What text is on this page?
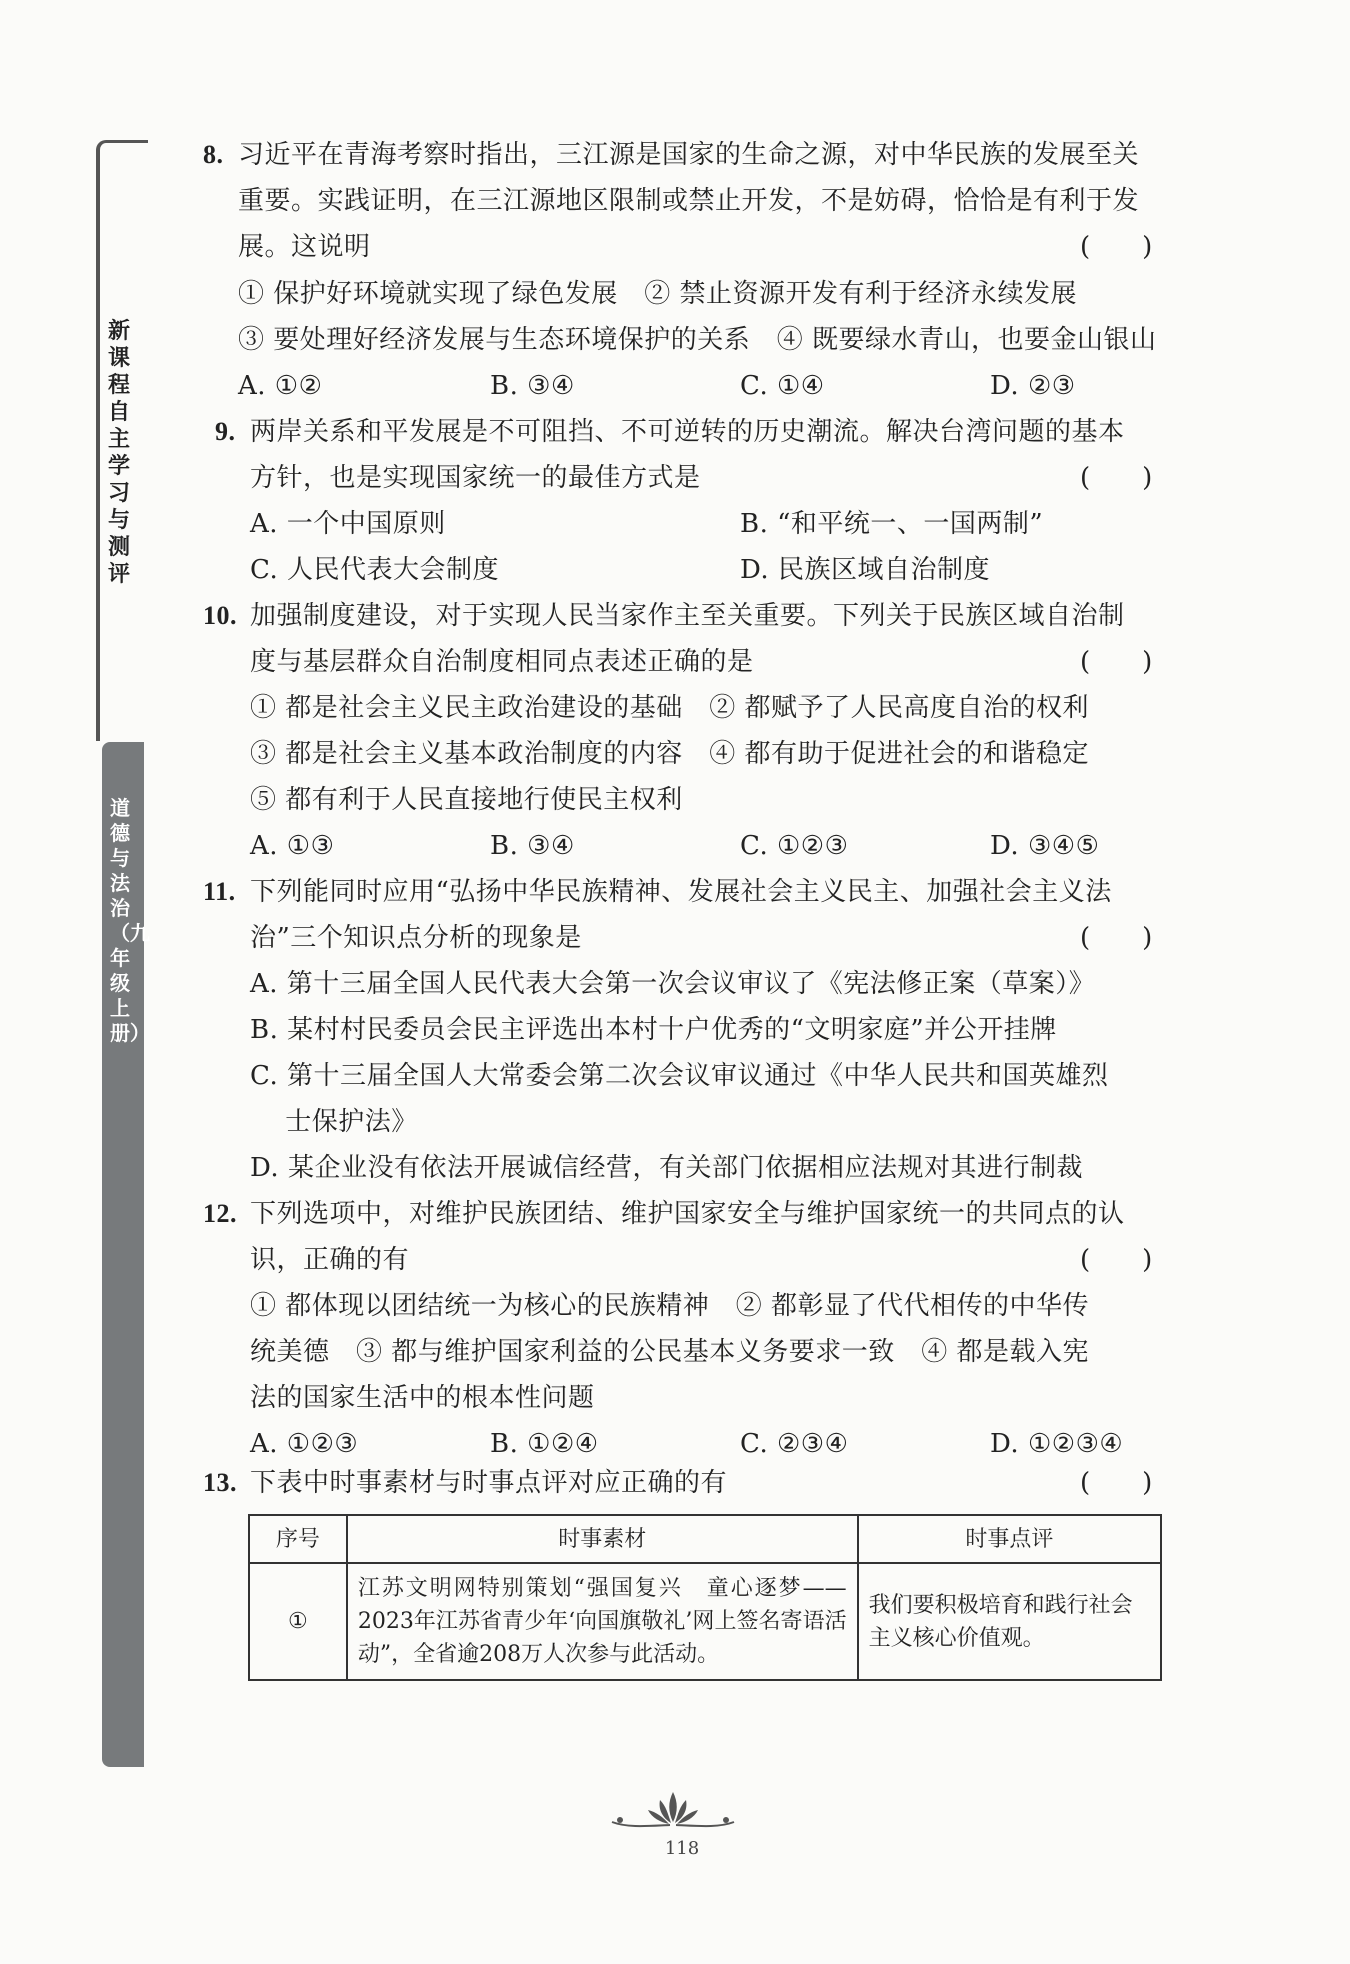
新课程自主学习与测评
道德与法治（九年级上册）
8. 习近平在青海考察时指出，三江源是国家的生命之源，对中华民族的发展至关
重要。实践证明，在三江源地区限制或禁止开发，不是妨碍，恰恰是有利于发
展。这说明	(　　)
① 保护好环境就实现了绿色发展　② 禁止资源开发有利于经济永续发展
③ 要处理好经济发展与生态环境保护的关系　④ 既要绿水青山，也要金山银山
A. ①②	B. ③④	C. ①④	D. ②③
9. 两岸关系和平发展是不可阻挡、不可逆转的历史潮流。解决台湾问题的基本
方针，也是实现国家统一的最佳方式是	(　　)
A. 一个中国原则	B. “和平统一、一国两制”
C. 人民代表大会制度	D. 民族区域自治制度
10. 加强制度建设，对于实现人民当家作主至关重要。下列关于民族区域自治制
度与基层群众自治制度相同点表述正确的是	(　　)
① 都是社会主义民主政治建设的基础　② 都赋予了人民高度自治的权利
③ 都是社会主义基本政治制度的内容　④ 都有助于促进社会的和谐稳定
⑤ 都有利于人民直接地行使民主权利
A. ①③	B. ③④	C. ①②③	D. ③④⑤
11. 下列能同时应用“弘扬中华民族精神、发展社会主义民主、加强社会主义法
治”三个知识点分析的现象是	(　　)
A. 第十三届全国人民代表大会第一次会议审议了《宪法修正案（草案）》
B. 某村村民委员会民主评选出本村十户优秀的“文明家庭”并公开挂牌
C. 第十三届全国人大常委会第二次会议审议通过《中华人民共和国英雄烈
　 士保护法》
D. 某企业没有依法开展诚信经营，有关部门依据相应法规对其进行制裁
12. 下列选项中，对维护民族团结、维护国家安全与维护国家统一的共同点的认
识，正确的有	(　　)
① 都体现以团结统一为核心的民族精神　② 都彰显了代代相传的中华传
统美德　③ 都与维护国家利益的公民基本义务要求一致　④ 都是载入宪
法的国家生活中的根本性问题
A. ①②③	B. ①②④	C. ②③④	D. ①②③④
13. 下表中时事素材与时事点评对应正确的有	(　　)
序号	时事素材	时事点评
①	江苏文明网特别策划“强国复兴　童心逐梦——2023年江苏省青少年‘向国旗敬礼’网上签名寄语活动”，全省逾208万人次参与此活动。	我们要积极培育和践行社会主义核心价值观。
118
